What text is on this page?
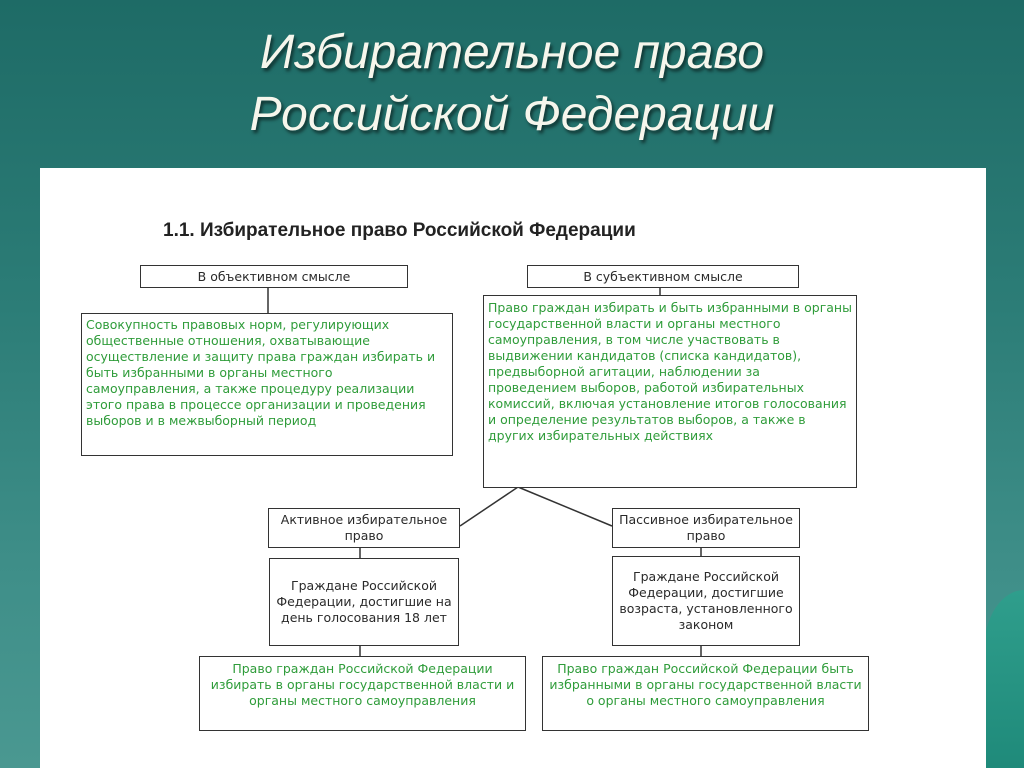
Избирательное право
Российской Федерации
1.1. Избирательное право Российской Федерации
В объективном смысле	В субъективном смысле
Совокупность правовых норм, регулирующих общественные отношения, охватывающие осуществление и защиту права граждан избирать и быть избранными в органы местного самоуправления, а также процедуру реализации этого права в процессе организации и проведения выборов и в межвыборный период
Право граждан избирать и быть избранными в органы государственной власти и органы местного самоуправления, в том числе участвовать в выдвижении кандидатов (списка кандидатов), предвыборной агитации, наблюдении за проведением выборов, работой избирательных комиссий, включая установление итогов голосования и определение результатов выборов, а также в других избирательных действиях
Активное избирательное право
Пассивное избирательное право
Граждане Российской Федерации, достигшие на день голосования 18 лет
Граждане Российской Федерации, достигшие возраста, установленного законом
Право граждан Российской Федерации избирать в органы государственной власти и органы местного самоуправления
Право граждан Российской Федерации быть избранными в органы государственной власти о органы местного самоуправления
